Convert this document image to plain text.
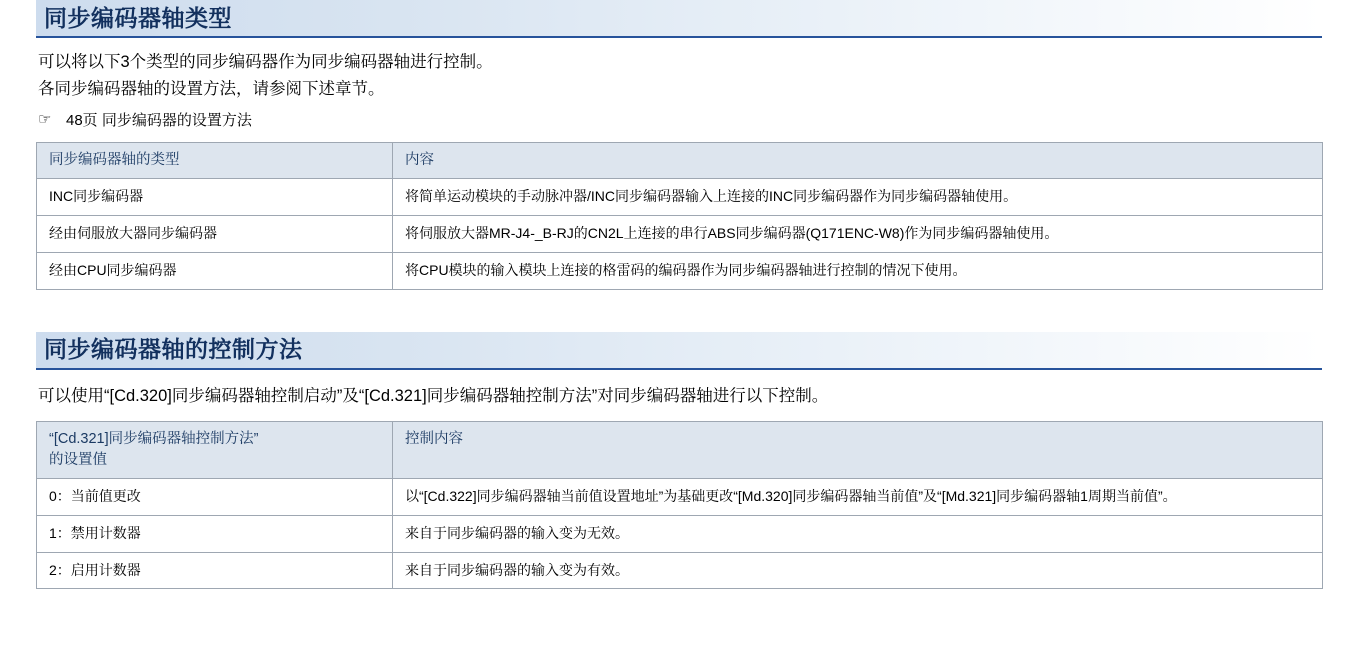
同步编码器轴类型

可以将以下3个类型的同步编码器作为同步编码器轴进行控制。

各同步编码器轴的设置方法，请参阅下述章节。

☞	48页 同步编码器的设置方法
同步编码器轴的类型	内容
INC同步编码器	将简单运动模块的手动脉冲器/INC同步编码器输入上连接的INC同步编码器作为同步编码器轴使用。
经由伺服放大器同步编码器	将伺服放大器MR-J4-_B-RJ的CN2L上连接的串行ABS同步编码器(Q171ENC-W8)作为同步编码器轴使用。
经由CPU同步编码器	将CPU模块的输入模块上连接的格雷码的编码器作为同步编码器轴进行控制的情况下使用。
同步编码器轴的控制方法

可以使用“[Cd.320]同步编码器轴控制启动”及“[Cd.321]同步编码器轴控制方法”对同步编码器轴进行以下控制。

“[Cd.321]同步编码器轴控制方法”
的设置值	控制内容
0：当前值更改	以“[Cd.322]同步编码器轴当前值设置地址”为基础更改“[Md.320]同步编码器轴当前值”及“[Md.321]同步编码器轴1周期当前值”。
1：禁用计数器	来自于同步编码器的输入变为无效。
2：启用计数器	来自于同步编码器的输入变为有效。
